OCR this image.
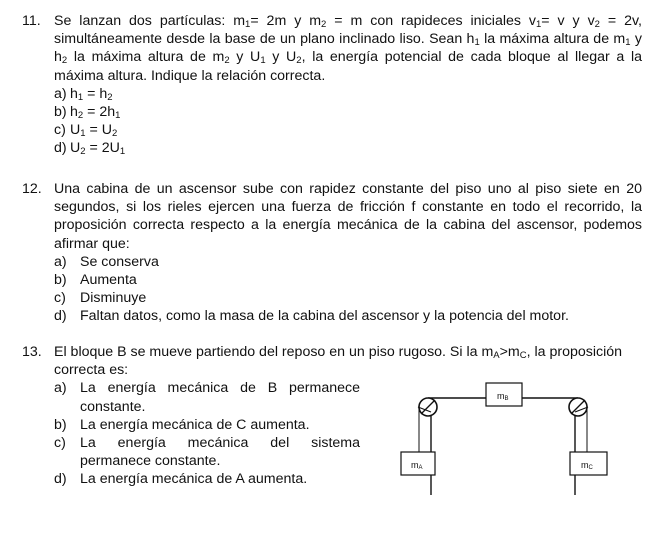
11. Se lanzan dos partículas: $m_1= 2m$ y $m_2 = m$ con rapideces iniciales $v_1= v$ y $v_2 = 2v$, simultáneamente desde la base de un plano inclinado liso. Sean $h_1$ la máxima altura de $m_1$ y $h_2$ la máxima altura de $m_2$ y $U_1$ y $U_2$, la energía potencial de cada bloque al llegar a la máxima altura. Indique la relación correcta.
a) $h_1 = h_2$
b) $h_2 = 2h_1$
c) $U_1 = U_2$
d) $U_2 = 2U_1$
12. Una cabina de un ascensor sube con rapidez constante del piso uno al piso siete en 20 segundos, si los rieles ejercen una fuerza de fricción f constante en todo el recorrido, la proposición correcta respecto a la energía mecánica de la cabina del ascensor, podemos afirmar que:
a) Se conserva
b) Aumenta
c) Disminuye
d) Faltan datos, como la masa de la cabina del ascensor y la potencia del motor.
13. El bloque B se mueve partiendo del reposo en un piso rugoso. Si la $m_A>m_C$, la proposición correcta es:
a) La energía mecánica de B permanece constante.
b) La energía mecánica de C aumenta.
c) La energía mecánica del sistema permanece constante.
d) La energía mecánica de A aumenta.
mB
mA	mC
